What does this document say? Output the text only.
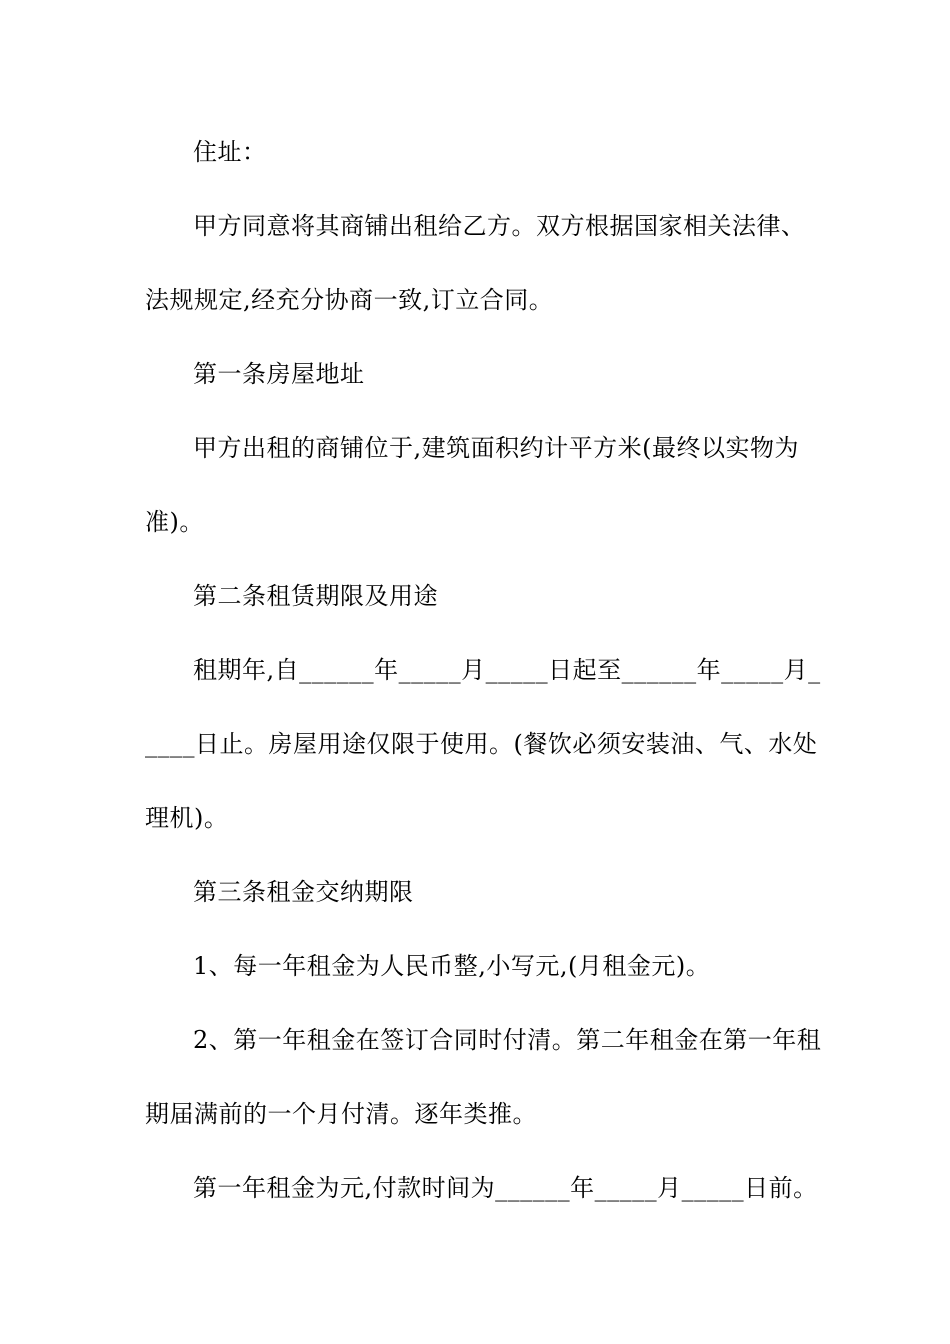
住址：
甲方同意将其商铺出租给乙方。双方根据国家相关法律、
法规规定,经充分协商一致,订立合同。
第一条房屋地址
甲方出租的商铺位于,建筑面积约计平方米(最终以实物为
准)。
第二条租赁期限及用途
租期年,自______年_____月_____日起至______年_____月_
____日止。房屋用途仅限于使用。(餐饮必须安装油、气、水处
理机)。
第三条租金交纳期限
1、每一年租金为人民币整,小写元,(月租金元)。
2、第一年租金在签订合同时付清。第二年租金在第一年租
期届满前的一个月付清。逐年类推。
第一年租金为元,付款时间为______年_____月_____日前。
